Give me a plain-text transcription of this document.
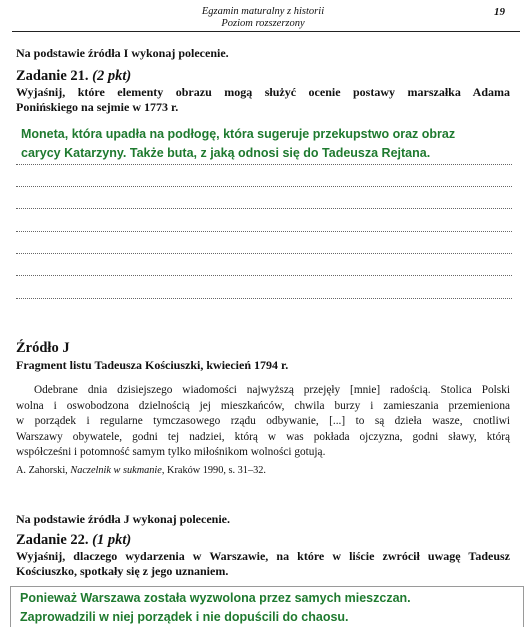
Egzamin maturalny z historii
Poziom rozszerzony
19
Na podstawie źródła I wykonaj polecenie.
Zadanie 21. (2 pkt)
Wyjaśnij, które elementy obrazu mogą służyć ocenie postawy marszałka Adama
Ponińskiego na sejmie w 1773 r.
Moneta, która upadła na podłogę, która sugeruje przekupstwo oraz obraz
carycy Katarzyny. Także buta, z jaką odnosi się do Tadeusza Rejtana.
Źródło J
Fragment listu Tadeusza Kościuszki, kwiecień 1794 r.
Odebrane dnia dzisiejszego wiadomości najwyższą przejęły [mnie] radością. Stolica Polski
wolna i oswobodzona dzielnością jej mieszkańców, chwila burzy i zamieszania przemieniona
w porządek i regularne tymczasowego rządu odbywanie, [...] to są dzieła wasze, cnotliwi
Warszawy obywatele, godni tej nadziei, którą w was pokłada ojczyzna, godni sławy, którą
współcześni i potomność samym tylko miłośnikom wolności gotują.
A. Zahorski, Naczelnik w sukmanie, Kraków 1990, s. 31–32.
Na podstawie źródła J wykonaj polecenie.
Zadanie 22. (1 pkt)
Wyjaśnij, dlaczego wydarzenia w Warszawie, na które w liście zwrócił uwagę Tadeusz
Kościuszko, spotkały się z jego uznaniem.
Ponieważ Warszawa została wyzwolona przez samych mieszczan.
Zaprowadzili w niej porządek i nie dopuścili do chaosu.
